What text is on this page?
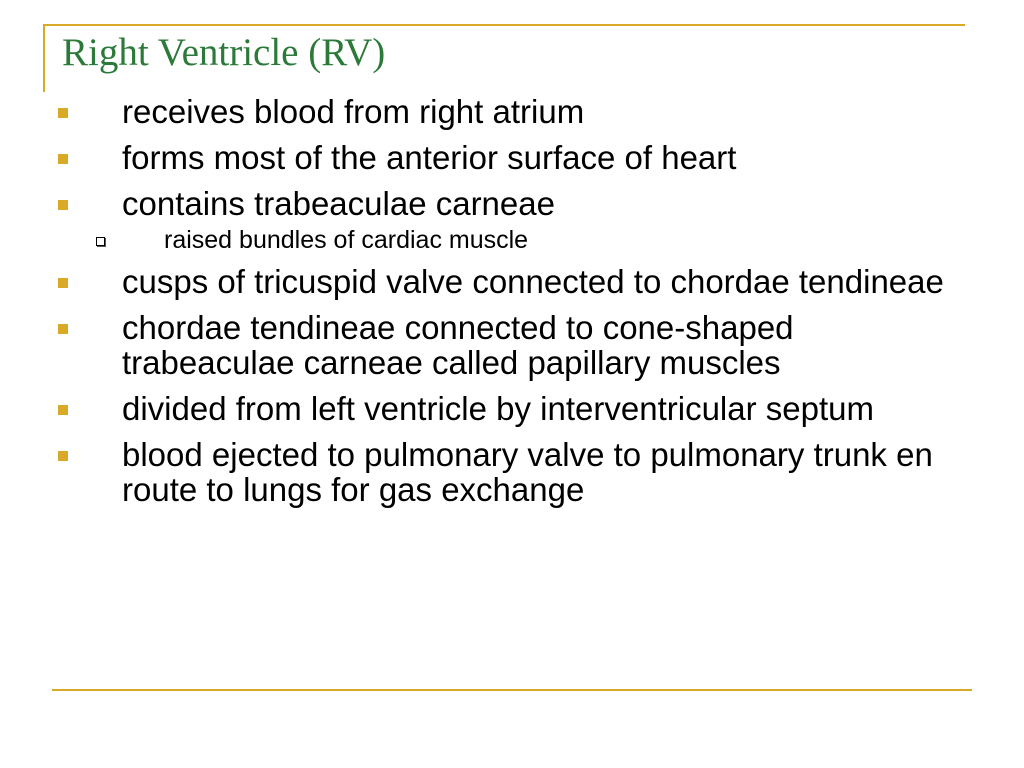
Right Ventricle (RV)
receives blood from right atrium
forms most of the anterior surface of heart
contains trabeaculae carneae
raised bundles of cardiac muscle
cusps of tricuspid valve connected to chordae tendineae
chordae tendineae connected to cone-shaped trabeaculae carneae called papillary muscles
divided from left ventricle by interventricular septum
blood ejected to pulmonary valve to pulmonary trunk en route to lungs for gas exchange
